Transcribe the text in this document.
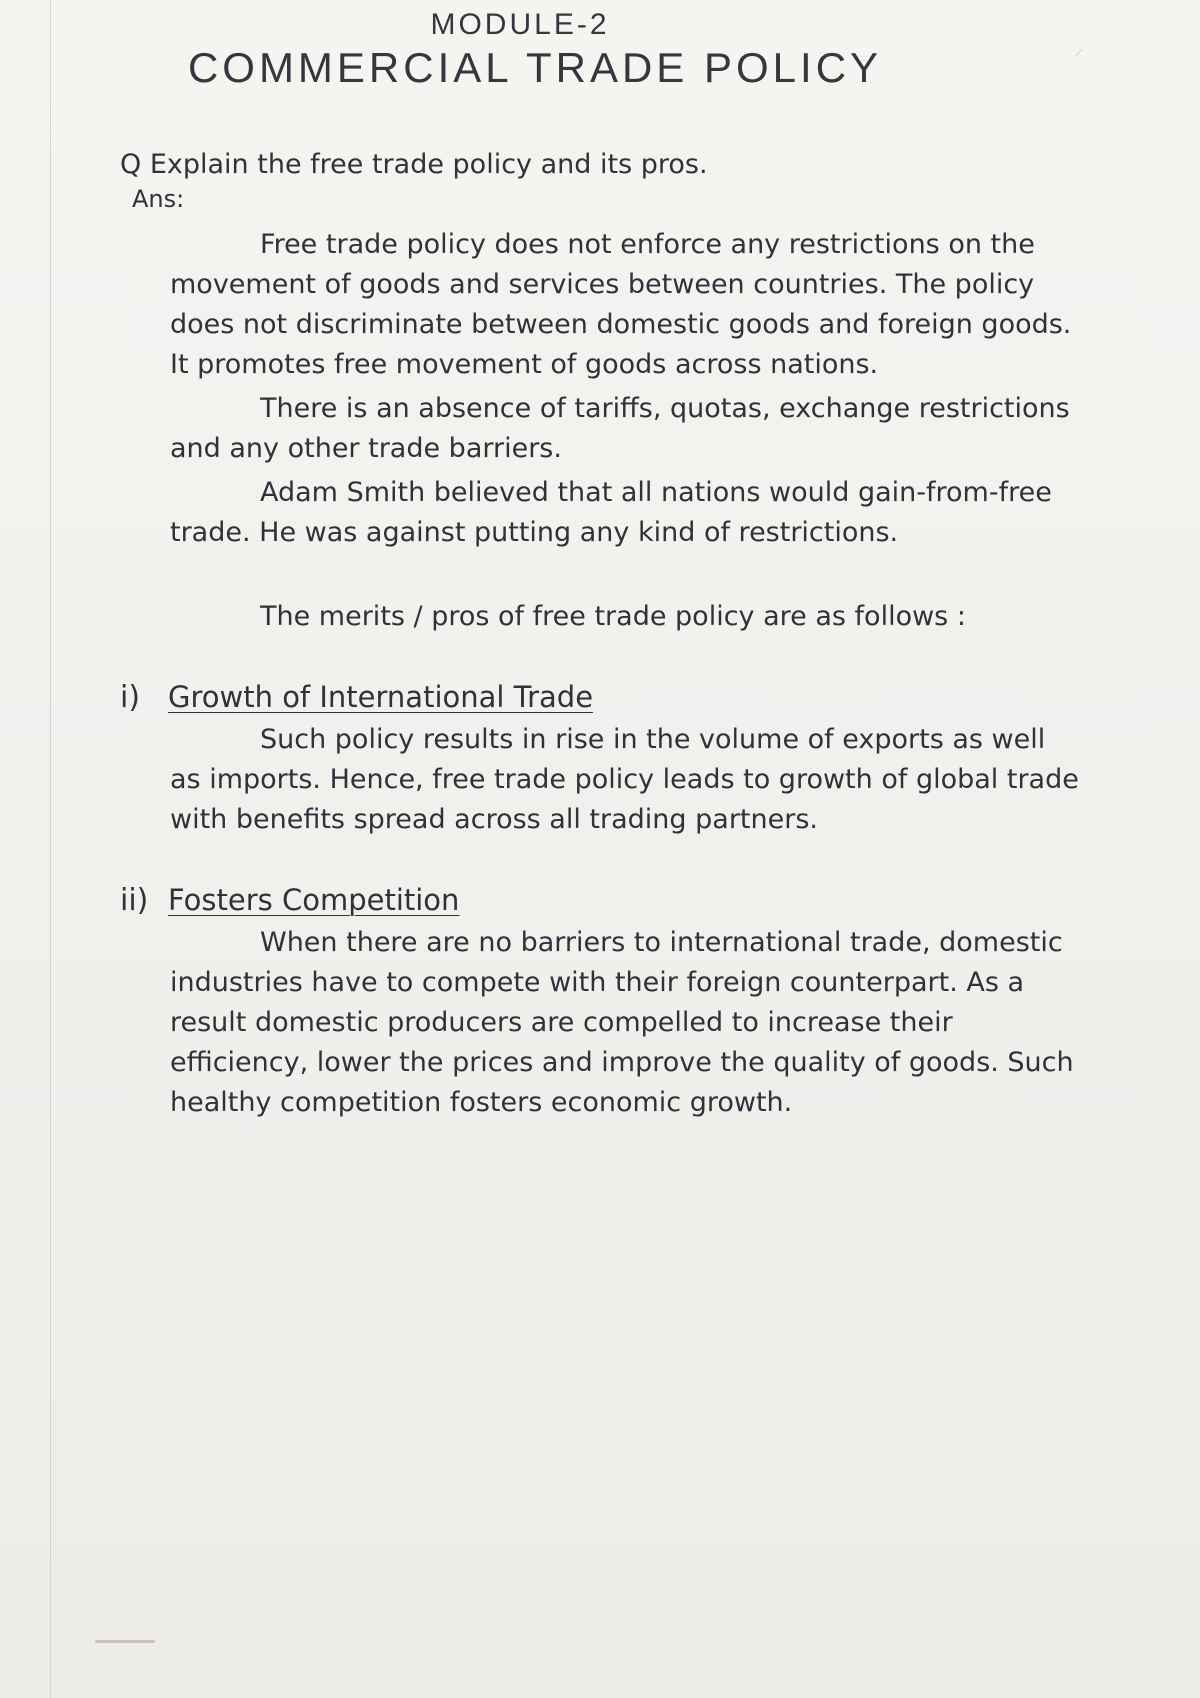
MODULE-2
COMMERCIAL TRADE POLICY	⁄

Q Explain the free trade policy and its pros.

Ans:

Free trade policy does not enforce any restrictions on the movement of goods and services between countries. The policy does not discriminate between domestic goods and foreign goods. It promotes free movement of goods across nations.

There is an absence of tariffs, quotas, exchange restrictions and any other trade barriers.

Adam Smith believed that all nations would gain-from-free trade. He was against putting any kind of restrictions.

The merits / pros of free trade policy are as follows :

i) Growth of International Trade

Such policy results in rise in the volume of exports as well as imports. Hence, free trade policy leads to growth of global trade with benefits spread across all trading partners.

ii) Fosters Competition

When there are no barriers to international trade, domestic industries have to compete with their foreign counterpart. As a result domestic producers are compelled to increase their efficiency, lower the prices and improve the quality of goods. Such healthy competition fosters economic growth.
